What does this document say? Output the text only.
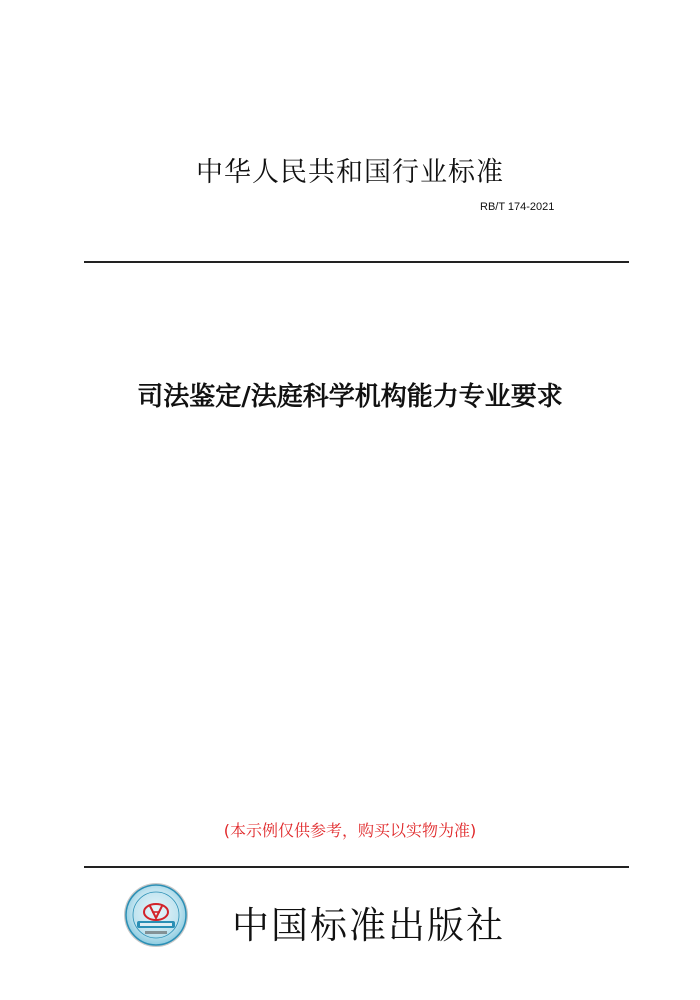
中华人民共和国行业标准
RB/T 174-2021
司法鉴定/法庭科学机构能力专业要求
(本示例仅供参考，购买以实物为准)
中国标准出版社
